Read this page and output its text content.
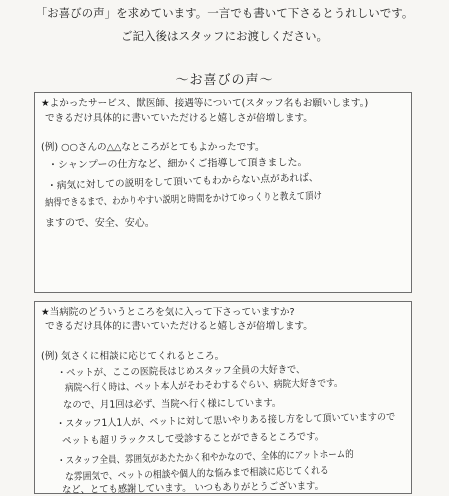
「お喜びの声」を求めています。一言でも書いて下さるとうれしいです。
ご記入後はスタッフにお渡しください。
～お喜びの声～
★よかったサービス、獣医師、接遇等について(スタッフ名もお願いします。)
できるだけ具体的に書いていただけると嬉しさが倍増します。
(例) ○○さんの△△なところがとてもよかったです。
・シャンプーの仕方など、細かくご指導して頂きました。
・病気に対しての説明をして頂いてもわからない点があれば、
納得できるまで、わかりやすい説明と時間をかけてゆっくりと教えて頂け
ますので、安全、安心。
★当病院のどういうところを気に入って下さっていますか?
できるだけ具体的に書いていただけると嬉しさが倍増します。
(例) 気さくに相談に応じてくれるところ。
・ペットが、ここの医院長はじめスタッフ全員の大好きで、
病院へ行く時は、ペット本人がそわそわするぐらい、病院大好きです。
なので、月1回は必ず、当院へ行く様にしています。
・スタッフ1人1人が、ペットに対して思いやりある接し方をして頂いていますので
ペットも超リラックスして受診することができるところです。
・スタッフ全員、雰囲気があたたかく和やかなので、全体的にアットホーム的
な雰囲気で、ペットの相談や個人的な悩みまで相談に応じてくれる
など、とても感謝しています。 いつもありがとうございます。
